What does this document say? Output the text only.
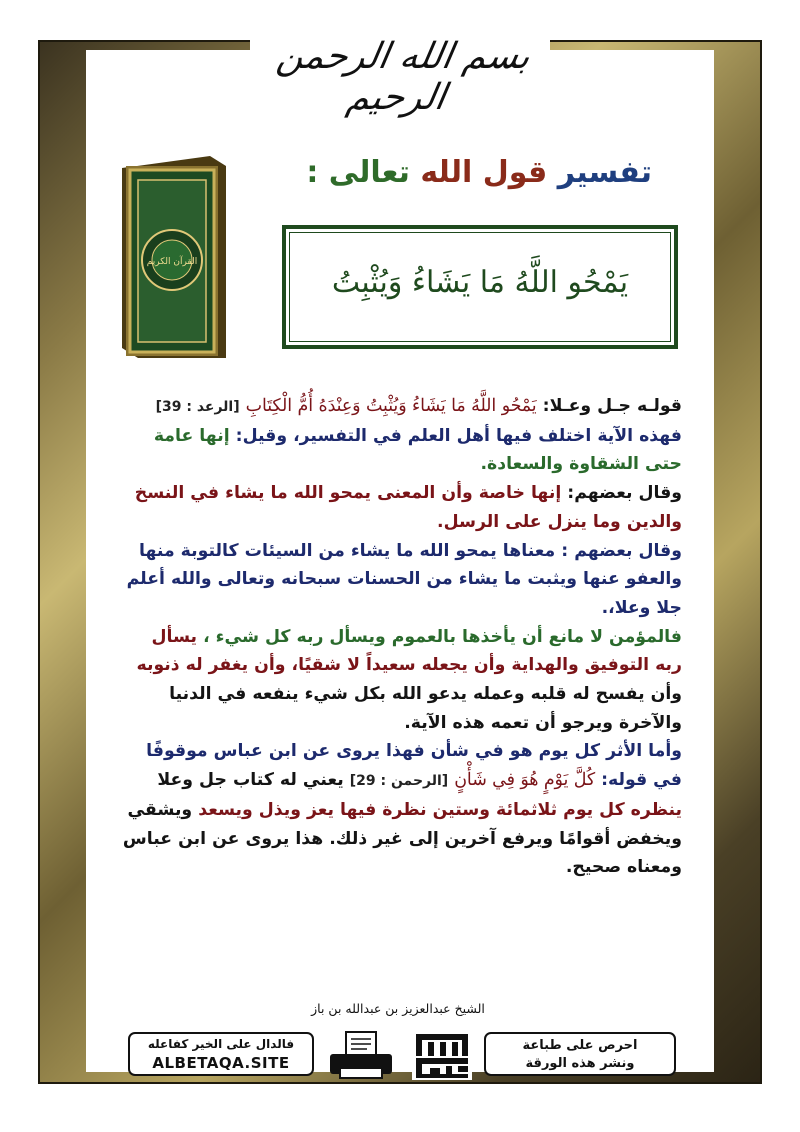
بسم الله الرحمن الرحيم
القرآن الكريم
تفسير قول الله تعالى :
يَمْحُو اللَّهُ مَا يَشَاءُ وَيُثْبِتُ

قولـه جـل وعـلا: يَمْحُو اللَّهُ مَا يَشَاءُ وَيُثْبِتُ وَعِنْدَهُ أُمُّ الْكِتَابِ [الرعد : 39]

فهذه الآية اختلف فيها أهل العلم في التفسير، وقيل: إنها عامة حتى الشقاوة والسعادة.

وقال بعضهم: إنها خاصة وأن المعنى يمحو الله ما يشاء في النسخ والدين وما ينزل على الرسل.

وقال بعضهم : معناها يمحو الله ما يشاء من السيئات كالتوبة منها والعفو عنها ويثبت ما يشاء من الحسنات سبحانه وتعالى والله أعلم جلا وعلا،.

فالمؤمن لا مانع أن يأخذها بالعموم ويسأل ربه كل شيء ، يسأل ربه التوفيق والهداية وأن يجعله سعيداً لا شقيًا، وأن يغفر له ذنوبه وأن يفسح له قلبه وعمله يدعو الله بكل شيء ينفعه في الدنيا والآخرة ويرجو أن تعمه هذه الآية.

وأما الأثر كل يوم هو في شأن فهذا يروى عن ابن عباس موقوفًا في قوله: كُلَّ يَوْمٍ هُوَ فِي شَأْنٍ [الرحمن : 29] يعني له كتاب جل وعلا ينظره كل يوم ثلاثمائة وستين نظرة فيها يعز ويذل ويسعد ويشقي ويخفض أقوامًا ويرفع آخرين إلى غير ذلك. هذا يروى عن ابن عباس ومعناه صحيح.

الشيخ عبدالعزيز بن عبدالله بن باز
فالدال على الخير كفاعله
ALBETAQA.SITE
احرص على طباعة
ونشر هذه الورقة
